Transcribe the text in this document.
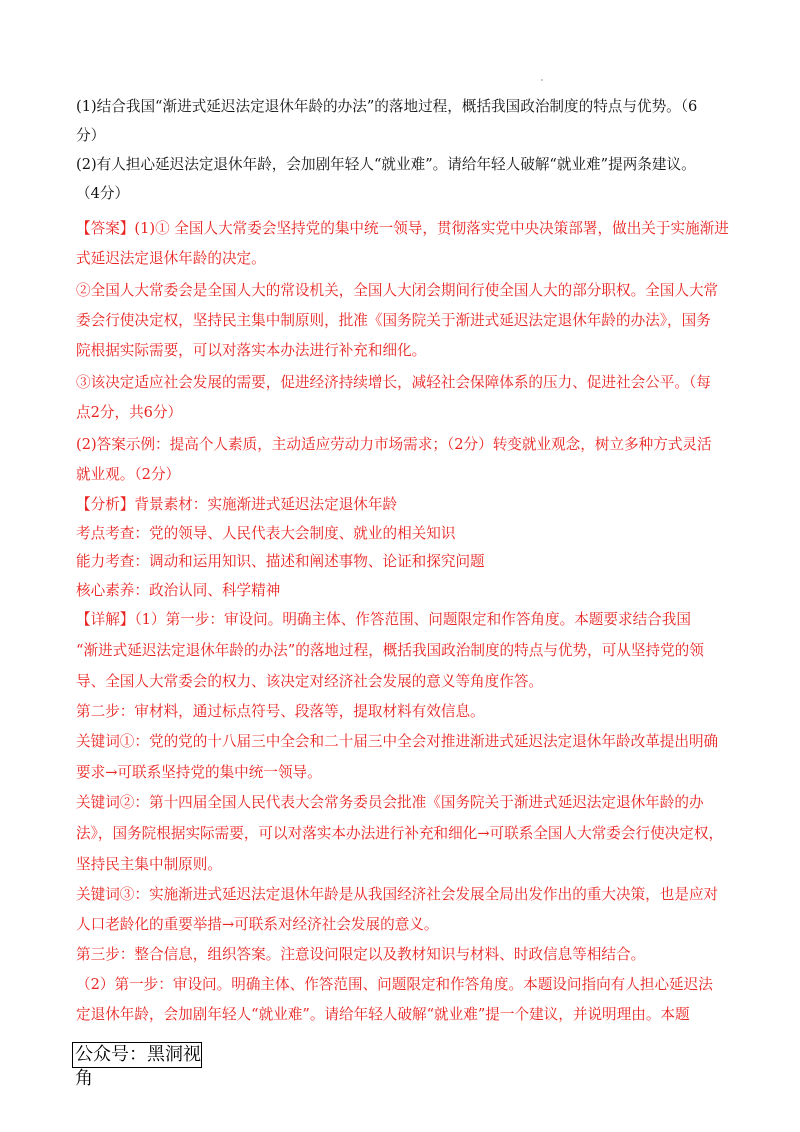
(1)结合我国“渐进式延迟法定退休年龄的办法”的落地过程，概括我国政治制度的特点与优势。（6
分）
(2)有人担心延迟法定退休年龄，会加剧年轻人“就业难”。请给年轻人破解“就业难”提两条建议。
（4分）
【答案】(1)① 全国人大常委会坚持党的集中统一领导，贯彻落实党中央决策部署，做出关于实施渐进
式延迟法定退休年龄的决定。
②全国人大常委会是全国人大的常设机关，全国人大闭会期间行使全国人大的部分职权。全国人大常
委会行使决定权，坚持民主集中制原则，批准《国务院关于渐进式延迟法定退休年龄的办法》，国务
院根据实际需要，可以对落实本办法进行补充和细化。
③该决定适应社会发展的需要，促进经济持续增长，减轻社会保障体系的压力、促进社会公平。（每
点2分，共6分）
(2)答案示例：提高个人素质，主动适应劳动力市场需求；（2分）转变就业观念，树立多种方式灵活
就业观。（2分）
【分析】背景素材：实施渐进式延迟法定退休年龄
考点考查：党的领导、人民代表大会制度、就业的相关知识
能力考查：调动和运用知识、描述和阐述事物、论证和探究问题
核心素养：政治认同、科学精神
【详解】（1）第一步：审设问。明确主体、作答范围、问题限定和作答角度。本题要求结合我国
“渐进式延迟法定退休年龄的办法”的落地过程，概括我国政治制度的特点与优势，可从坚持党的领
导、全国人大常委会的权力、该决定对经济社会发展的意义等角度作答。
第二步：审材料，通过标点符号、段落等，提取材料有效信息。
关键词①：党的党的十八届三中全会和二十届三中全会对推进渐进式延迟法定退休年龄改革提出明确
要求→可联系坚持党的集中统一领导。
关键词②：第十四届全国人民代表大会常务委员会批准《国务院关于渐进式延迟法定退休年龄的办
法》，国务院根据实际需要，可以对落实本办法进行补充和细化→可联系全国人大常委会行使决定权，
坚持民主集中制原则。
关键词③：实施渐进式延迟法定退休年龄是从我国经济社会发展全局出发作出的重大决策，也是应对
人口老龄化的重要举措→可联系对经济社会发展的意义。
第三步：整合信息，组织答案。注意设问限定以及教材知识与材料、时政信息等相结合。
（2）第一步：审设问。明确主体、作答范围、问题限定和作答角度。本题设问指向有人担心延迟法
定退休年龄，会加剧年轻人“就业难”。请给年轻人破解“就业难”提一个建议，并说明理由。本题
公众号：黑洞视角
